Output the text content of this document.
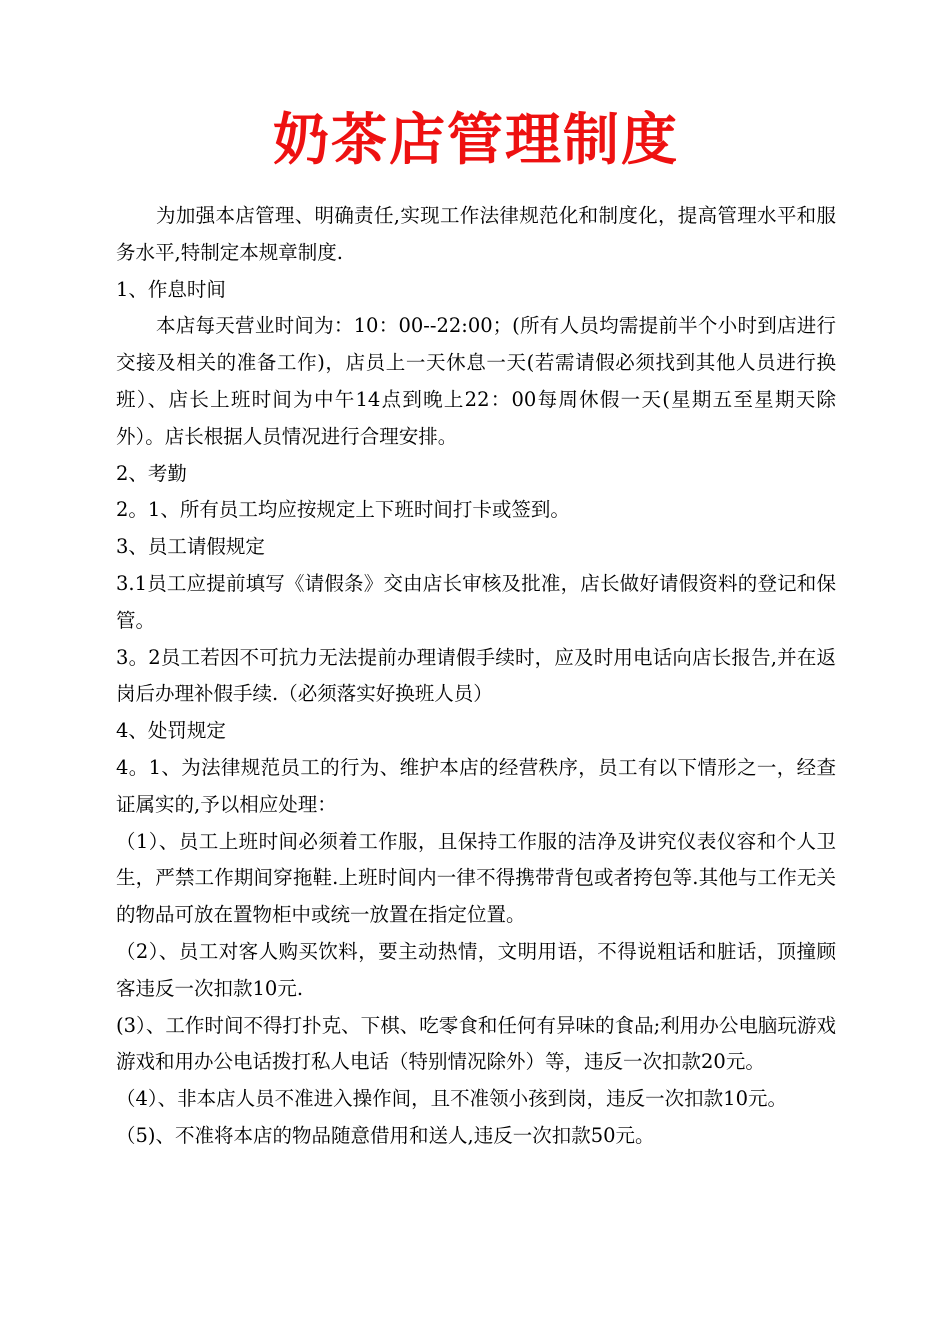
奶茶店管理制度

为加强本店管理、明确责任,实现工作法律规范化和制度化，提高管理水平和服务水平,特制定本规章制度.

1、作息时间

本店每天营业时间为：10：00--22:00；(所有人员均需提前半个小时到店进行交接及相关的准备工作)，店员上一天休息一天(若需请假必须找到其他人员进行换班）、店长上班时间为中午14点到晚上22：00每周休假一天(星期五至星期天除外）。店长根据人员情况进行合理安排。

2、考勤

2。1、所有员工均应按规定上下班时间打卡或签到。

3、员工请假规定

3.1员工应提前填写《请假条》交由店长审核及批准，店长做好请假资料的登记和保管。

3。2员工若因不可抗力无法提前办理请假手续时，应及时用电话向店长报告,并在返岗后办理补假手续.（必须落实好换班人员）

4、处罚规定

4。1、为法律规范员工的行为、维护本店的经营秩序，员工有以下情形之一，经查证属实的,予以相应处理：

（1）、员工上班时间必须着工作服，且保持工作服的洁净及讲究仪表仪容和个人卫生，严禁工作期间穿拖鞋.上班时间内一律不得携带背包或者挎包等.其他与工作无关的物品可放在置物柜中或统一放置在指定位置。

（2）、员工对客人购买饮料，要主动热情，文明用语，不得说粗话和脏话，顶撞顾客违反一次扣款10元.

(3）、工作时间不得打扑克、下棋、吃零食和任何有异味的食品;利用办公电脑玩游戏游戏和用办公电话拨打私人电话（特别情况除外）等，违反一次扣款20元。

（4）、非本店人员不准进入操作间，且不准领小孩到岗，违反一次扣款10元。

（5)、不准将本店的物品随意借用和送人,违反一次扣款50元。
